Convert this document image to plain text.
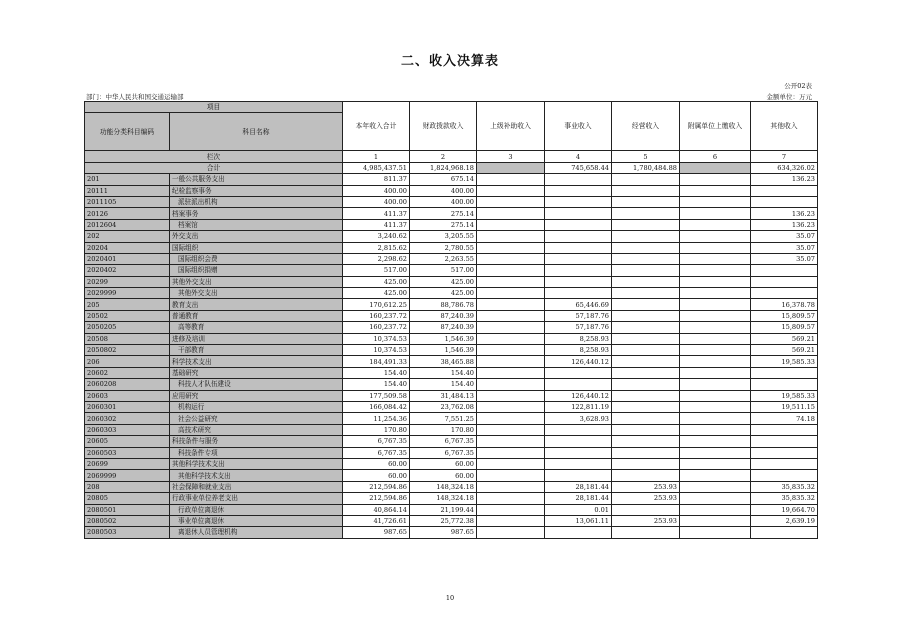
二、收入决算表
公开02表
部门：中华人民共和国交通运输部	金额单位：万元
项目		本年收入合计	财政拨款收入	上级补助收入	事业收入	经营收入	附属单位上缴收入	其他收入
功能分类科目编码	科目名称							
栏次		1	2	3	4	5	6	7
合计		4,985,437.51	1,824,968.18		745,658.44	1,780,484.88		634,326.02
201	一般公共服务支出	811.37	675.14					136.23
20111	纪检监察事务	400.00	400.00					
2011105	派驻派出机构	400.00	400.00					
20126	档案事务	411.37	275.14					136.23
2012604	档案馆	411.37	275.14					136.23
202	外交支出	3,240.62	3,205.55					35.07
20204	国际组织	2,815.62	2,780.55					35.07
2020401	国际组织会费	2,298.62	2,263.55					35.07
2020402	国际组织捐赠	517.00	517.00					
20299	其他外交支出	425.00	425.00					
2029999	其他外交支出	425.00	425.00					
205	教育支出	170,612.25	88,786.78		65,446.69			16,378.78
20502	普通教育	160,237.72	87,240.39		57,187.76			15,809.57
2050205	高等教育	160,237.72	87,240.39		57,187.76			15,809.57
20508	进修及培训	10,374.53	1,546.39		8,258.93			569.21
2050802	干部教育	10,374.53	1,546.39		8,258.93			569.21
206	科学技术支出	184,491.33	38,465.88		126,440.12			19,585.33
20602	基础研究	154.40	154.40					
2060208	科技人才队伍建设	154.40	154.40					
20603	应用研究	177,509.58	31,484.13		126,440.12			19,585.33
2060301	机构运行	166,084.42	23,762.08		122,811.19			19,511.15
2060302	社会公益研究	11,254.36	7,551.25		3,628.93			74.18
2060303	高技术研究	170.80	170.80					
20605	科技条件与服务	6,767.35	6,767.35					
2060503	科技条件专项	6,767.35	6,767.35					
20699	其他科学技术支出	60.00	60.00					
2069999	其他科学技术支出	60.00	60.00					
208	社会保障和就业支出	212,594.86	148,324.18		28,181.44	253.93		35,835.32
20805	行政事业单位养老支出	212,594.86	148,324.18		28,181.44	253.93		35,835.32
2080501	行政单位离退休	40,864.14	21,199.44		0.01			19,664.70
2080502	事业单位离退休	41,726.61	25,772.38		13,061.11	253.93		2,639.19
2080503	离退休人员管理机构	987.65	987.65					
10
